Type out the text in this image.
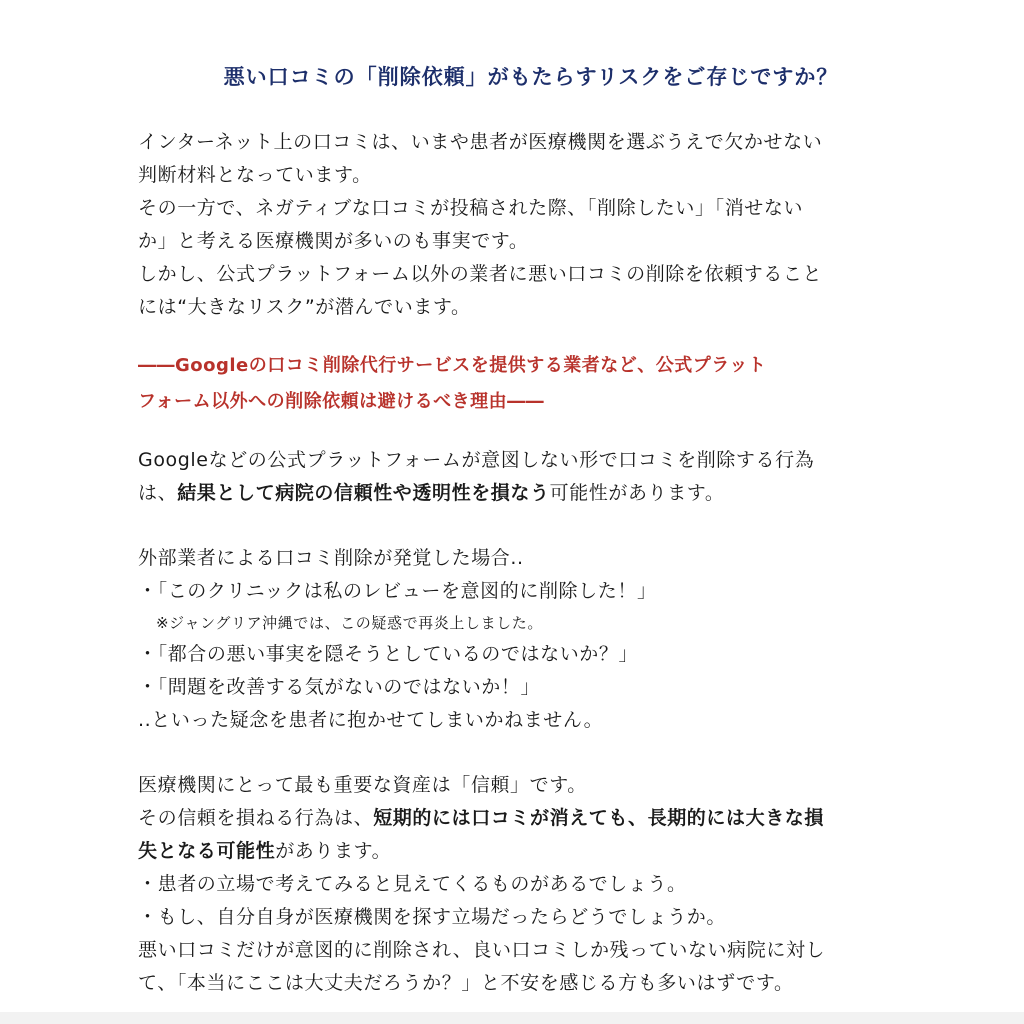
悪い口コミの「削除依頼」がもたらすリスクをご存じですか？

インターネット上の口コミは、いまや患者が医療機関を選ぶうえで欠かせない
判断材料となっています。
その一方で、ネガティブな口コミが投稿された際、「削除したい」「消せない
か」と考える医療機関が多いのも事実です。
しかし、公式プラットフォーム以外の業者に悪い口コミの削除を依頼すること
には“大きなリスク”が潜んでいます。

――Googleの口コミ削除代行サービスを提供する業者など、公式プラット
フォーム以外への削除依頼は避けるべき理由――

Googleなどの公式プラットフォームが意図しない形で口コミを削除する行為
は、結果として病院の信頼性や透明性を損なう可能性があります。

外部業者による口コミ削除が発覚した場合..
・「このクリニックは私のレビューを意図的に削除した！」
※ジャングリア沖縄では、この疑惑で再炎上しました。
・「都合の悪い事実を隠そうとしているのではないか？」
・「問題を改善する気がないのではないか！」
..といった疑念を患者に抱かせてしまいかねません。

医療機関にとって最も重要な資産は「信頼」です。
その信頼を損ねる行為は、短期的には口コミが消えても、長期的には大きな損
失となる可能性があります。
・患者の立場で考えてみると見えてくるものがあるでしょう。
・もし、自分自身が医療機関を探す立場だったらどうでしょうか。
悪い口コミだけが意図的に削除され、良い口コミしか残っていない病院に対し
て、「本当にここは大丈夫だろうか？」と不安を感じる方も多いはずです。
